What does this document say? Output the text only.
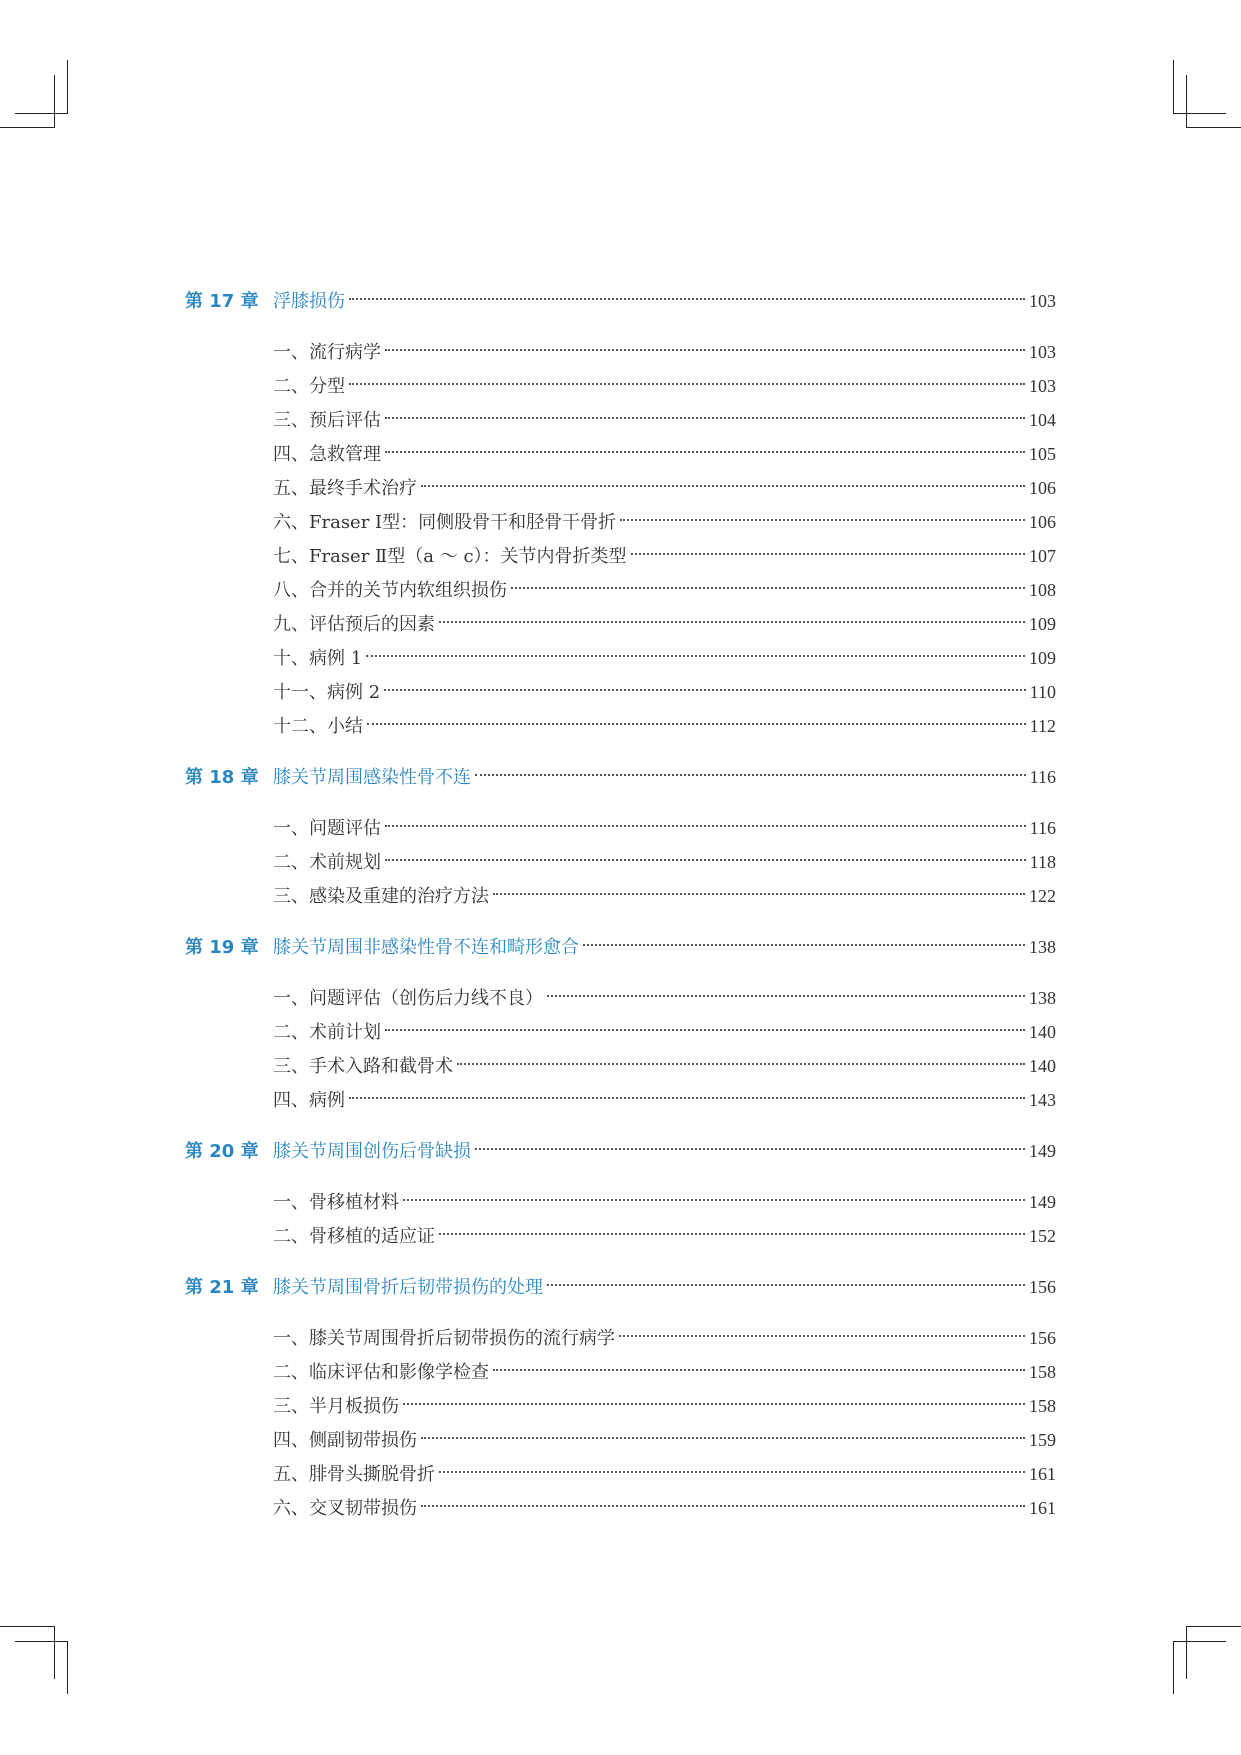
第 17 章 浮膝损伤	103
一、流行病学	103
二、分型	103
三、预后评估	104
四、急救管理	105
五、最终手术治疗	106
六、Fraser Ⅰ型：同侧股骨干和胫骨干骨折	106
七、Fraser Ⅱ型（a ～ c）：关节内骨折类型	107
八、合并的关节内软组织损伤	108
九、评估预后的因素	109
十、病例 1	109
十一、病例 2	110
十二、小结	112
第 18 章 膝关节周围感染性骨不连	116
一、问题评估	116
二、术前规划	118
三、感染及重建的治疗方法	122
第 19 章 膝关节周围非感染性骨不连和畸形愈合	138
一、问题评估（创伤后力线不良）	138
二、术前计划	140
三、手术入路和截骨术	140
四、病例	143
第 20 章 膝关节周围创伤后骨缺损	149
一、骨移植材料	149
二、骨移植的适应证	152
第 21 章 膝关节周围骨折后韧带损伤的处理	156
一、膝关节周围骨折后韧带损伤的流行病学	156
二、临床评估和影像学检查	158
三、半月板损伤	158
四、侧副韧带损伤	159
五、腓骨头撕脱骨折	161
六、交叉韧带损伤	161
